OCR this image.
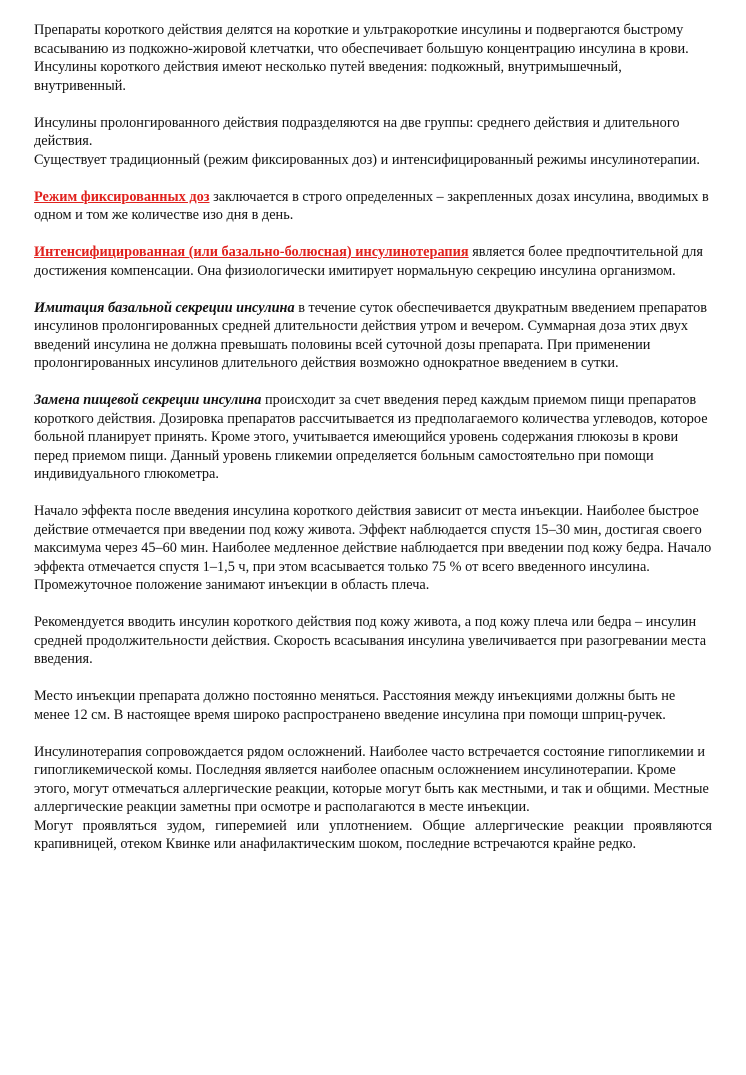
Препараты короткого действия делятся на короткие и ультракороткие инсулины и подвергаются быстрому всасыванию из подкожно-жировой клетчатки, что обеспечивает большую концентрацию инсулина в крови. Инсулины короткого действия имеют несколько путей введения: подкожный, внутримышечный, внутривенный.

Инсулины пролонгированного действия подразделяются на две группы: среднего действия и длительного действия.

Существует традиционный (режим фиксированных доз) и интенсифицированный режимы инсулинотерапии.

Режим фиксированных доз заключается в строго определенных – закрепленных дозах инсулина, вводимых в одном и том же количестве изо дня в день.

Интенсифицированная (или базально-болюсная) инсулинотерапия является более предпочтительной для достижения компенсации. Она физиологически имитирует нормальную секрецию инсулина организмом.

Имитация базальной секреции инсулина в течение суток обеспечивается двукратным введением препаратов инсулинов пролонгированных средней длительности действия утром и вечером. Суммарная доза этих двух введений инсулина не должна превышать половины всей суточной дозы препарата. При применении пролонгированных инсулинов длительного действия возможно однократное введением в сутки.

Замена пищевой секреции инсулина происходит за счет введения перед каждым приемом пищи препаратов короткого действия. Дозировка препаратов рассчитывается из предполагаемого количества углеводов, которое больной планирует принять. Кроме этого, учитывается имеющийся уровень содержания глюкозы в крови перед приемом пищи. Данный уровень гликемии определяется больным самостоятельно при помощи индивидуального глюкометра.

Начало эффекта после введения инсулина короткого действия зависит от места инъекции. Наиболее быстрое действие отмечается при введении под кожу живота. Эффект наблюдается спустя 15–30 мин, достигая своего максимума через 45–60 мин. Наиболее медленное действие наблюдается при введении под кожу бедра. Начало эффекта отмечается спустя 1–1,5 ч, при этом всасывается только 75 % от всего введенного инсулина. Промежуточное положение занимают инъекции в область плеча.

Рекомендуется вводить инсулин короткого действия под кожу живота, а под кожу плеча или бедра – инсулин средней продолжительности действия. Скорость всасывания инсулина увеличивается при разогревании места введения.

Место инъекции препарата должно постоянно меняться. Расстояния между инъекциями должны быть не менее 12 см. В настоящее время широко распространено введение инсулина при помощи шприц-ручек.

Инсулинотерапия сопровождается рядом осложнений. Наиболее часто встречается состояние гипогликемии и гипогликемической комы. Последняя является наиболее опасным осложнением инсулинотерапии. Кроме этого, могут отмечаться аллергические реакции, которые могут быть как местными, и так и общими. Местные аллергические реакции заметны при осмотре и располагаются в месте инъекции.

Могут проявляться зудом, гиперемией или уплотнением. Общие аллергические реакции проявляются крапивницей, отеком Квинке или анафилактическим шоком, последние встречаются крайне редко.
